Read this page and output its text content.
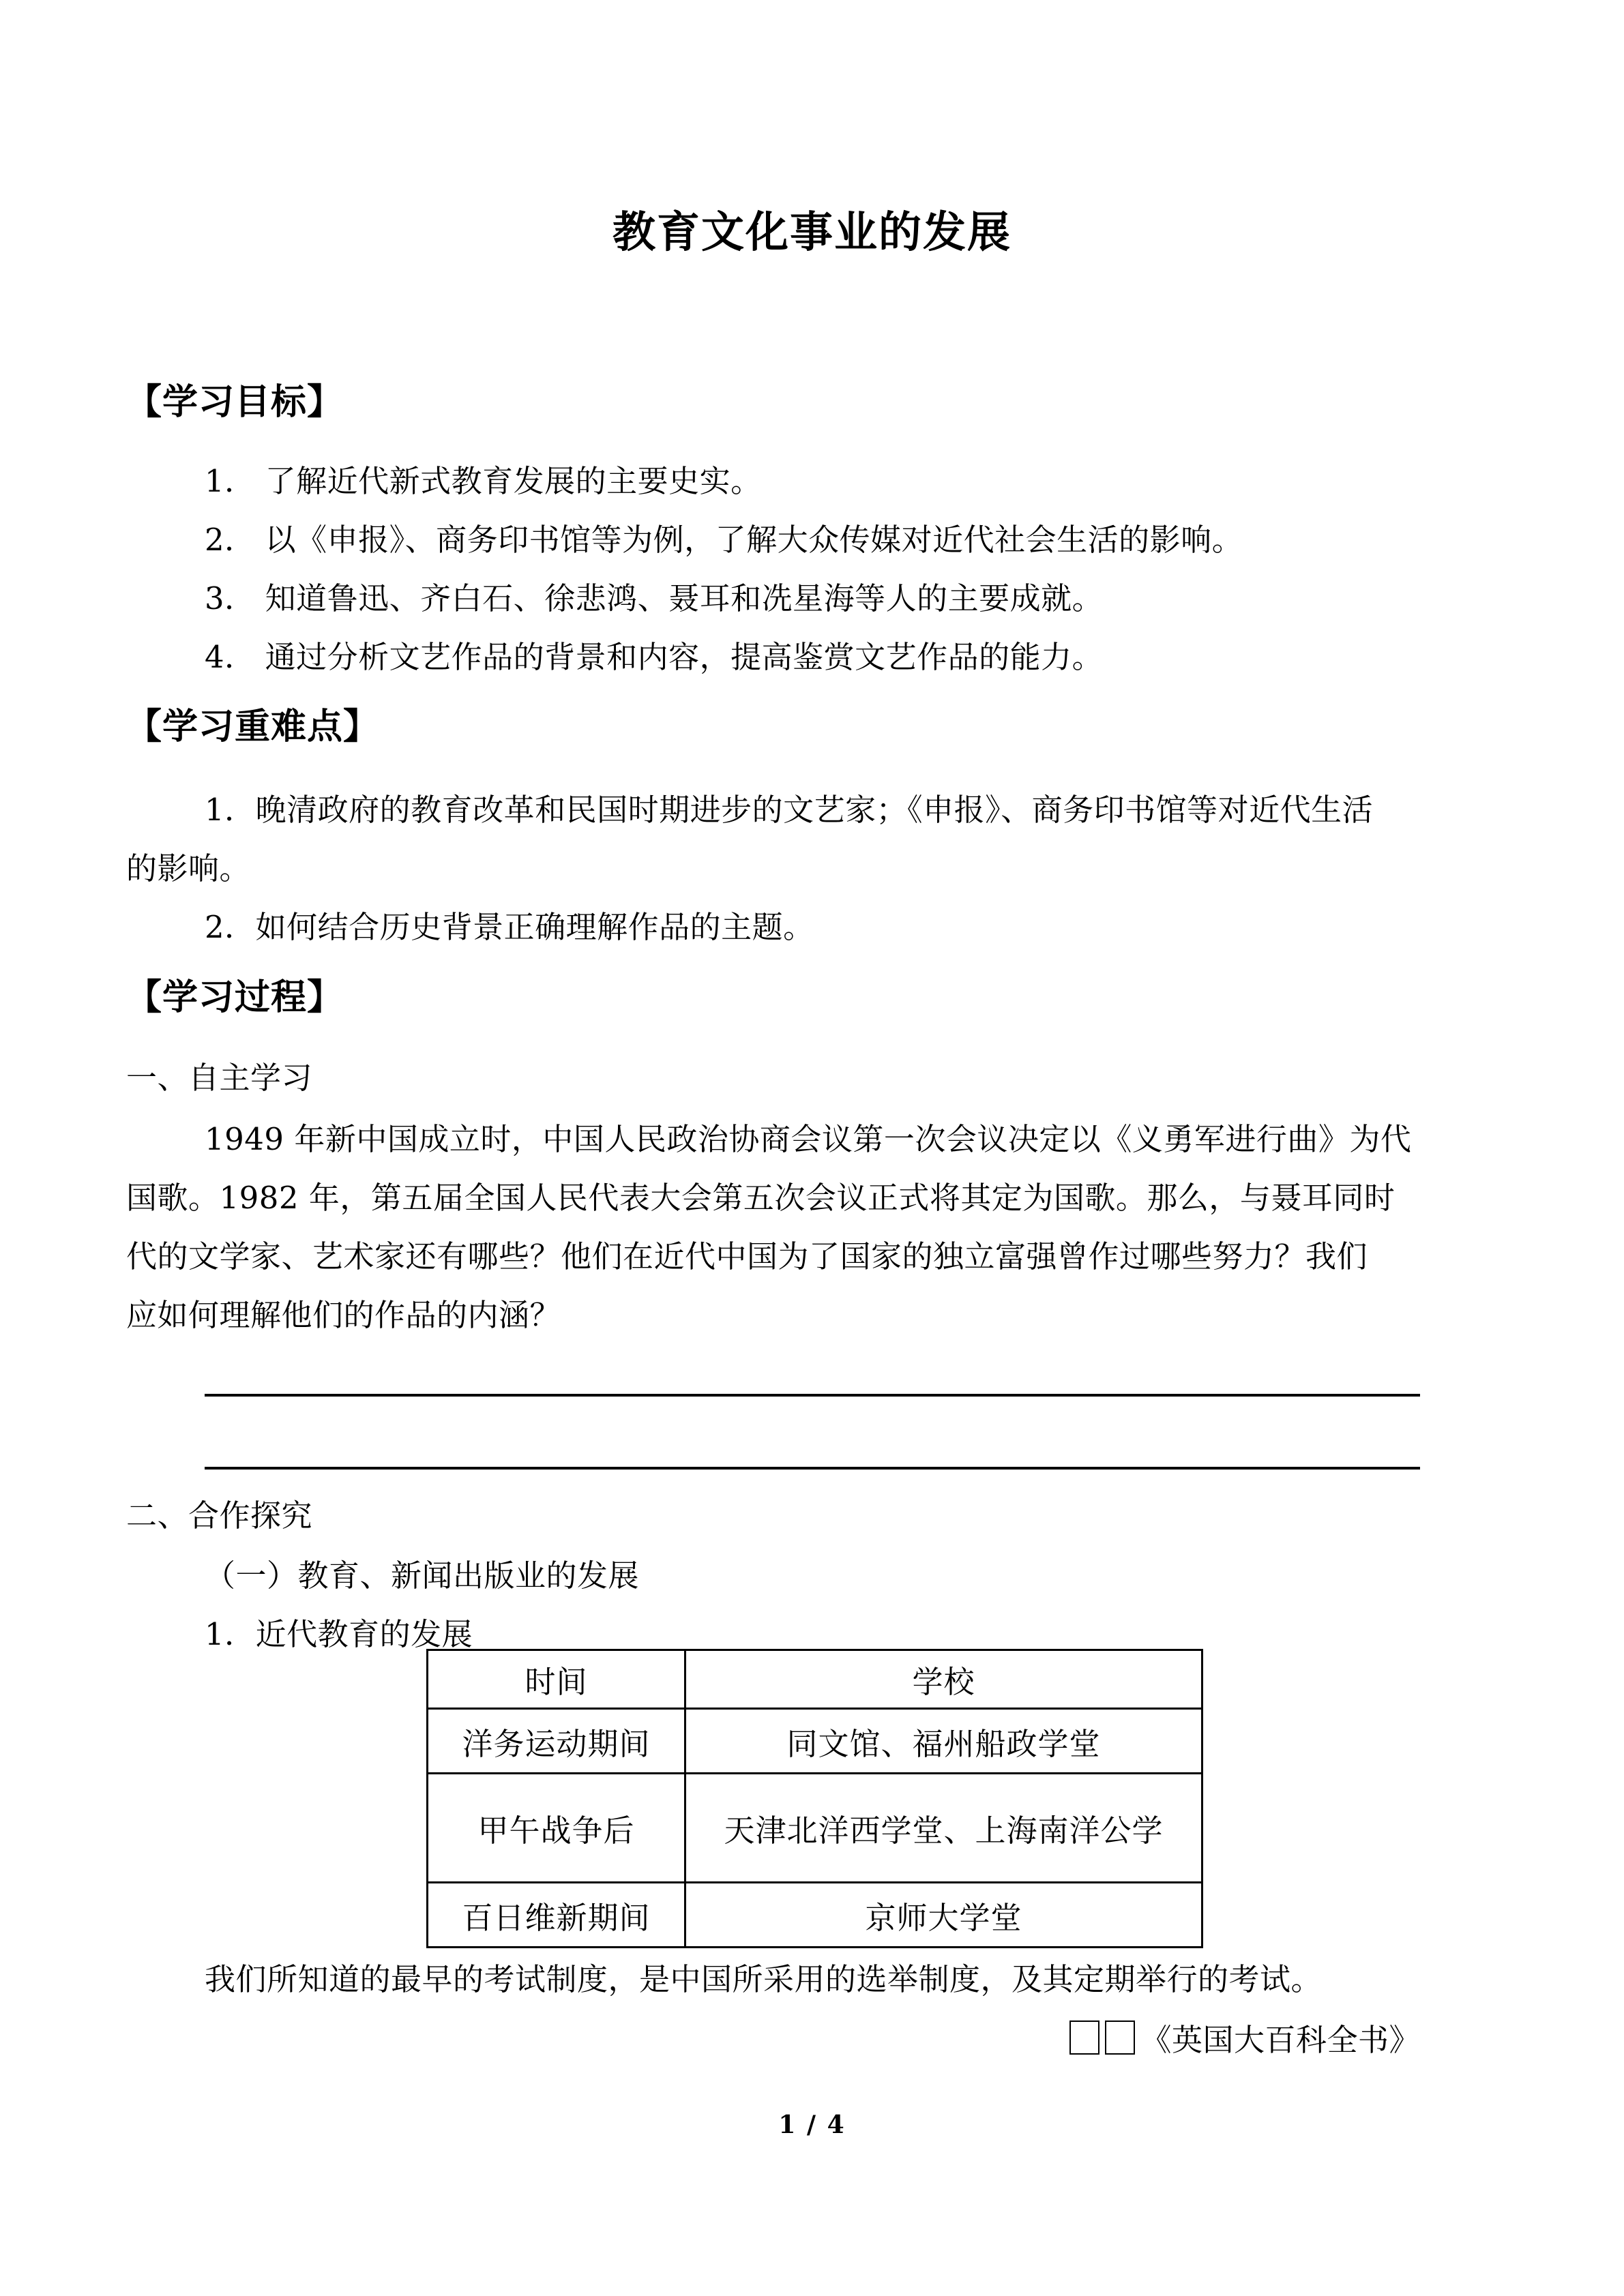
教育文化事业的发展
【学习目标】
1． 了解近代新式教育发展的主要史实。
2． 以《申报》、商务印书馆等为例，了解大众传媒对近代社会生活的影响。
3． 知道鲁迅、齐白石、徐悲鸿、聂耳和冼星海等人的主要成就。
4． 通过分析文艺作品的背景和内容，提高鉴赏文艺作品的能力。
【学习重难点】
1．晚清政府的教育改革和民国时期进步的文艺家；《申报》、商务印书馆等对近代生活
的影响。
2．如何结合历史背景正确理解作品的主题。
【学习过程】
一、自主学习
1949 年新中国成立时，中国人民政治协商会议第一次会议决定以《义勇军进行曲》为代
国歌。1982 年，第五届全国人民代表大会第五次会议正式将其定为国歌。那么，与聂耳同时
代的文学家、艺术家还有哪些？他们在近代中国为了国家的独立富强曾作过哪些努力？我们
应如何理解他们的作品的内涵？
二、合作探究
（一）教育、新闻出版业的发展
1．近代教育的发展
时间	学校
洋务运动期间	同文馆、福州船政学堂
甲午战争后	天津北洋西学堂、上海南洋公学
百日维新期间	京师大学堂
我们所知道的最早的考试制度，是中国所采用的选举制度，及其定期举行的考试。
《英国大百科全书》
1 / 4
